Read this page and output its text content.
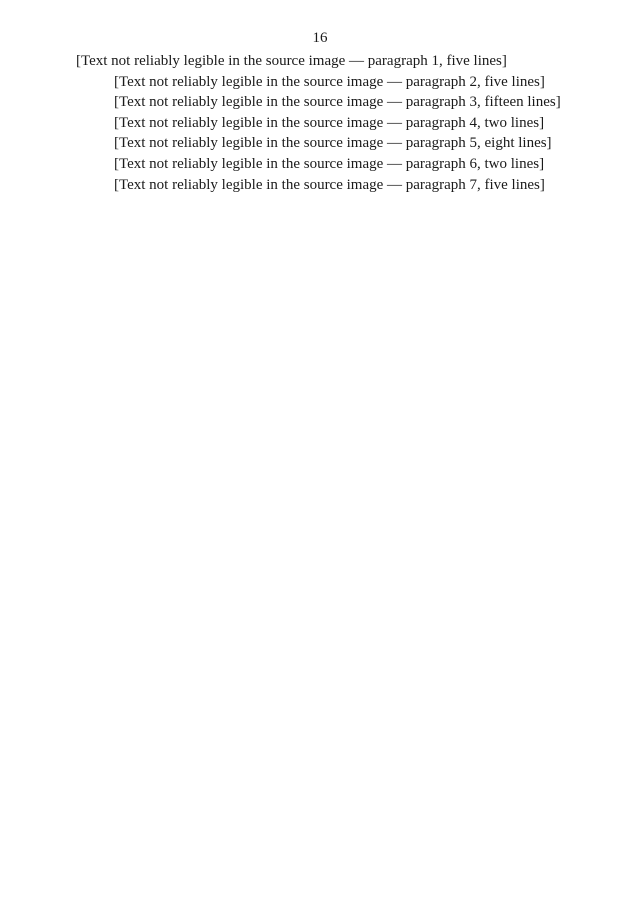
16

[Text not reliably legible in the source image — paragraph 1, five lines]

[Text not reliably legible in the source image — paragraph 2, five lines]

[Text not reliably legible in the source image — paragraph 3, fifteen lines]

[Text not reliably legible in the source image — paragraph 4, two lines]

[Text not reliably legible in the source image — paragraph 5, eight lines]

[Text not reliably legible in the source image — paragraph 6, two lines]

[Text not reliably legible in the source image — paragraph 7, five lines]
